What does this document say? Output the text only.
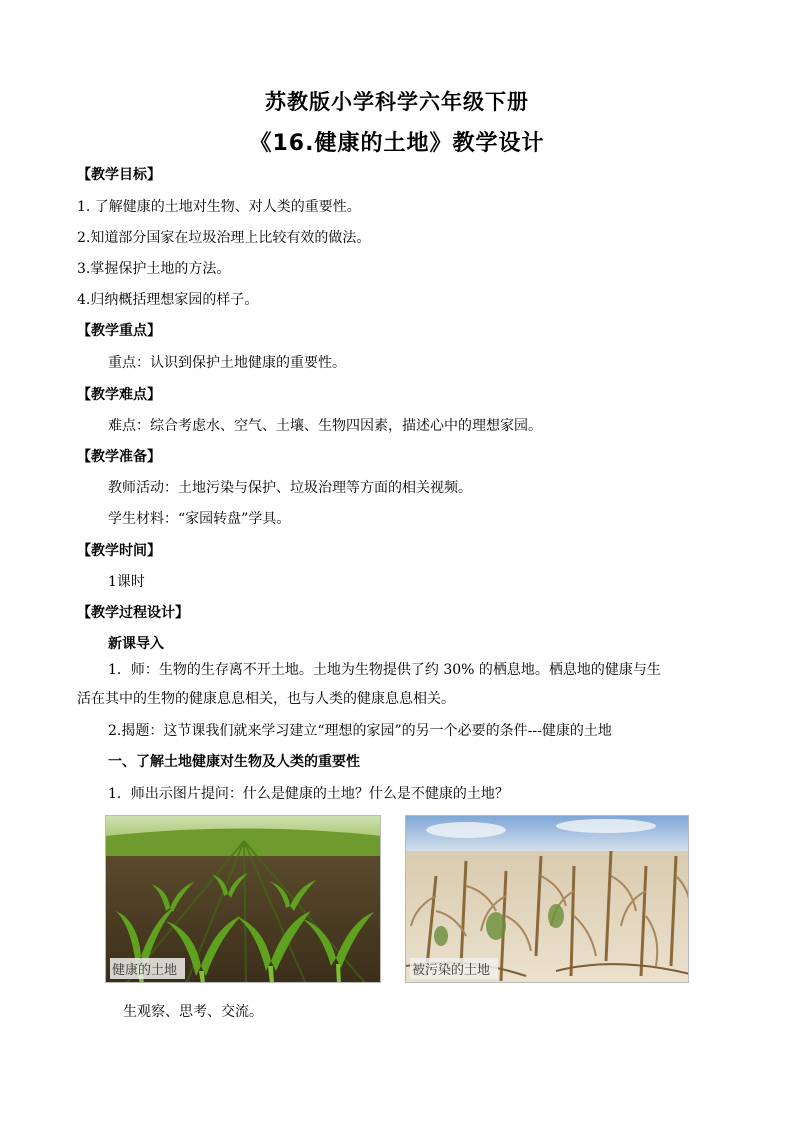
苏教版小学科学六年级下册
《16.健康的土地》教学设计
【教学目标】
1. 了解健康的土地对生物、对人类的重要性。
2.知道部分国家在垃圾治理上比较有效的做法。
3.掌握保护土地的方法。
4.归纳概括理想家园的样子。
【教学重点】
重点：认识到保护土地健康的重要性。
【教学难点】
难点：综合考虑水、空气、土壤、生物四因素，描述心中的理想家园。
【教学准备】
教师活动：土地污染与保护、垃圾治理等方面的相关视频。
学生材料：“家园转盘”学具。
【教学时间】
1课时
【教学过程设计】
新课导入
1．师：生物的生存离不开土地。土地为生物提供了约 30% 的栖息地。栖息地的健康与生
活在其中的生物的健康息息相关，也与人类的健康息息相关。
2.揭题：这节课我们就来学习建立“理想的家园”的另一个必要的条件---健康的土地
一、了解土地健康对生物及人类的重要性
1．师出示图片提问：什么是健康的土地？什么是不健康的土地？
健康的土地	被污染的土地
生观察、思考、交流。
